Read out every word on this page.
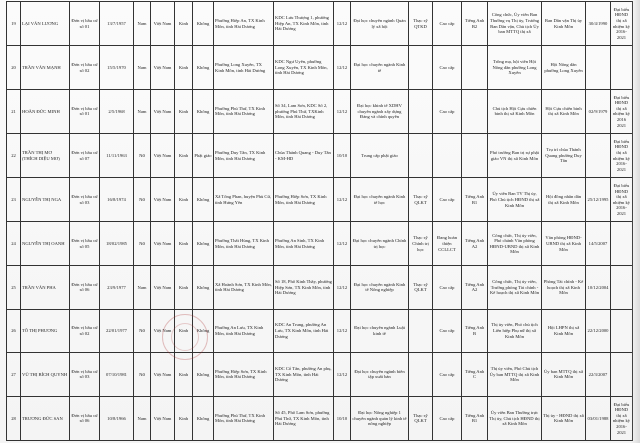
19	LẠI VĂN LƯƠNG	Đơn vị bầu cử số 01	13/7/1957	Nam	Việt Nam	Kinh	Không	Phường Hiệp An, TX Kinh Môn, tỉnh Hải Dương	KDC Lưu Thượng 1, phường Hiệp An, TX Kinh Môn, tỉnh Hải Dương	12/12	Đại học chuyên ngành Quản lý xã hội	Thạc sỹ QTKD	Cao cấp	Tiếng Anh B2	Công chức, Ủy viên Ban Thường vụ Thị ủy, Trưởng Ban Dân vận, Chủ tịch Ủy ban MTTQ thị xã	Ban Dân vận Thị ủy Kinh Môn	30/4/1990	Đại biểu HĐND thị xã nhiệm kỳ 2016-2021
20	TRẦN VĂN MẠNH	Đơn vị bầu cử số 02	15/5/1970	Nam	Việt Nam	Kinh	Không	Phường Long Xuyên, TX Kinh Môn, tỉnh Hải Dương	KDC Ngư Uyên, phường Long Xuyên, TX Kinh Môn, tỉnh Hải Dương	12/12	Đại học chuyên ngành Kinh tế		Cao cấp		Trồng mạ, hội viên Hội Nông dân phường Long Xuyên	Hội Nông dân phường Long Xuyên		
21	HOÀN ĐỨC MINH	Đơn vị bầu cử số 01	2/5/1968	Nam	Việt Nam	Kinh	Không	Phường Phú Thứ, TX Kinh Môn, tỉnh Hải Dương	Số 34, Lam Sơn, KDC Số 2, phường Phú Thứ, TXKinh Môn, tỉnh Hải Dương	12/12	Đại học khinh tế XDHV chuyên ngành xây dựng Đảng và chính quyền		Cao cấp		Chủ tịch Hội Cựu chiến binh thị xã Kinh Môn	Hội Cựu chiến binh thị xã Kinh Môn	02/9/1979	Đại biểu HĐND thị xã nhiệm kỳ 2016 2021
22	TRẦN THỊ MƠ (THÍCH DIỆU MƠ)	Đơn vị bầu cử số 07	11/11/1963	Nữ	Việt Nam	Kinh	Phật giáo	Phường Duy Tân, TX Kinh Môn, tỉnh Hải Dương	Chùa Thánh Quang - Duy Tân - KM-HD	10/10	Trung cấp phật giáo				Phó trưởng Ban trị sự phật giáo VN thị xã Kinh Môn	Trụ trì chùa Thánh Quang phường Duy Tân		Đại biểu HĐND thị xã nhiệm kỳ 2016-2021
23	NGUYỄN THỊ NGA	Đơn vị bầu cử số 03	16/8/1974	Nữ	Việt Nam	Kinh	Không	Xã Tống Phan, huyện Phù Cừ, tỉnh Hưng Yên	Phường Hiệp Sơn, TX Kinh Môn, tỉnh Hải Dương	12/12	Đại học chuyên ngành Kinh tế học	Thạc sỹ QLKT	Cao cấp	Tiếng Anh B1	Ủy viên Ban TV Thị ủy, Phó Chủ tịch HĐND thị xã Kinh Môn	Hội đồng nhân dân thị xã Kinh Môn	25/12/1995	Đại biểu HĐND thị xã nhiệm kỳ 2016-2021
24	NGUYỄN THỊ OANH	Đơn vị bầu cử số 05	18/02/1985	Nữ	Việt Nam	Kinh	Không	Phường Thất Hùng, TX Kinh Môn, tỉnh Hải Dương	Phường An Sinh, TX Kinh Môn, tỉnh Hải Dương	12/12	Đại học chuyên ngành Chính trị học	Thạc sỹ Chính trị học	Đang hoàn thiện CCLLCT	Tiếng Anh A2	Công chức, Thị ủy viên, Phó chánh Văn phòng HĐND-UBND thị xã Kinh Môn	Văn phòng HĐND-UBND thị xã Kinh Môn	14/5/2007	
25	TRẦN VĂN PHA	Đơn vị bầu cử số 06	23/9/1977	Nam	Việt Nam	Kinh	Không	Xã Hoành Sơn, TX Kinh Môn, tỉnh Hải Dương	Số 18, Phố Kinh Thầy, phường Hiệp Sơn, TX Kinh Môn, tỉnh Hải Dương	12/12	Đại học chuyên ngành Kinh tế Nông nghiệp	Thạc sỹ QLKT	Cao cấp	Tiếng Anh A2	Công chức, Thị ủy viên, Trưởng phòng Tài chính - Kế hoạch thị xã Kinh Môn	Phòng Tài chính - Kế hoạch thị xã Kinh Môn	10/12/2004	
26	TÔ THỊ PHƯƠNG	Đơn vị bầu cử số 02	22/01/1977	Nữ	Việt Nam	Kinh	Không	Phường An Lưu, TX Kinh Môn, tỉnh Hải Dương	KDC An Trung, phường An Lưu, TX Kinh Môn, tỉnh Hải Dương	12/12	Đại học chuyên ngành Luật kinh tế		Cao cấp	Tiếng Anh B	Thị ủy viên, Phó chủ tịch Liên hiệp Phụ nữ thị xã Kinh Môn	Hội LHPN thị xã Kinh Môn	22/12/2000	
27	VŨ THỊ BÍCH QUYNH	Đơn vị bầu cử số 03	07/10/1981	Nữ	Việt Nam	Kinh	Không	Phường Hiệp Sơn, TX Kinh Môn, tỉnh Hải Dương	KDC Cổ Tân, phường An phụ, TX Kinh Môn, tỉnh Hải Dương	12/12	Đại học chuyên ngành biên tập xuất bản		Cao cấp	Tiếng Anh C	Thị ủy viên, Phó Chủ tịch Ủy ban MTTQ thị xã Kinh Môn	Ủy ban MTTQ thị xã Kinh Môn	22/3/2007	
28	TRƯƠNG ĐỨC SAN	Đơn vị bầu cử số 06	10/8/1966	Nam	Việt Nam	Kinh	Không	Phường Phú Thứ, TX Kinh Môn, tỉnh Hải Dương	Số 45, Phố Lam Sơn, phường Phú Thứ, TX Kinh Môn, tỉnh Hải Dương	10/10	Đại học Nông nghiệp 1 chuyên ngành quản lý kinh tế nông nghiệp	Thạc sỹ QLKT	Cao cấp	Tiếng Anh B1	Ủy viên Ban Thường trực Thị ủy, Chủ tịch HĐND thị xã Kinh Môn	Thị ủy - HĐND thị xã Kinh Môn	03/01/1988	Đại biểu HĐND thị xã nhiệm kỳ 2016-2021
